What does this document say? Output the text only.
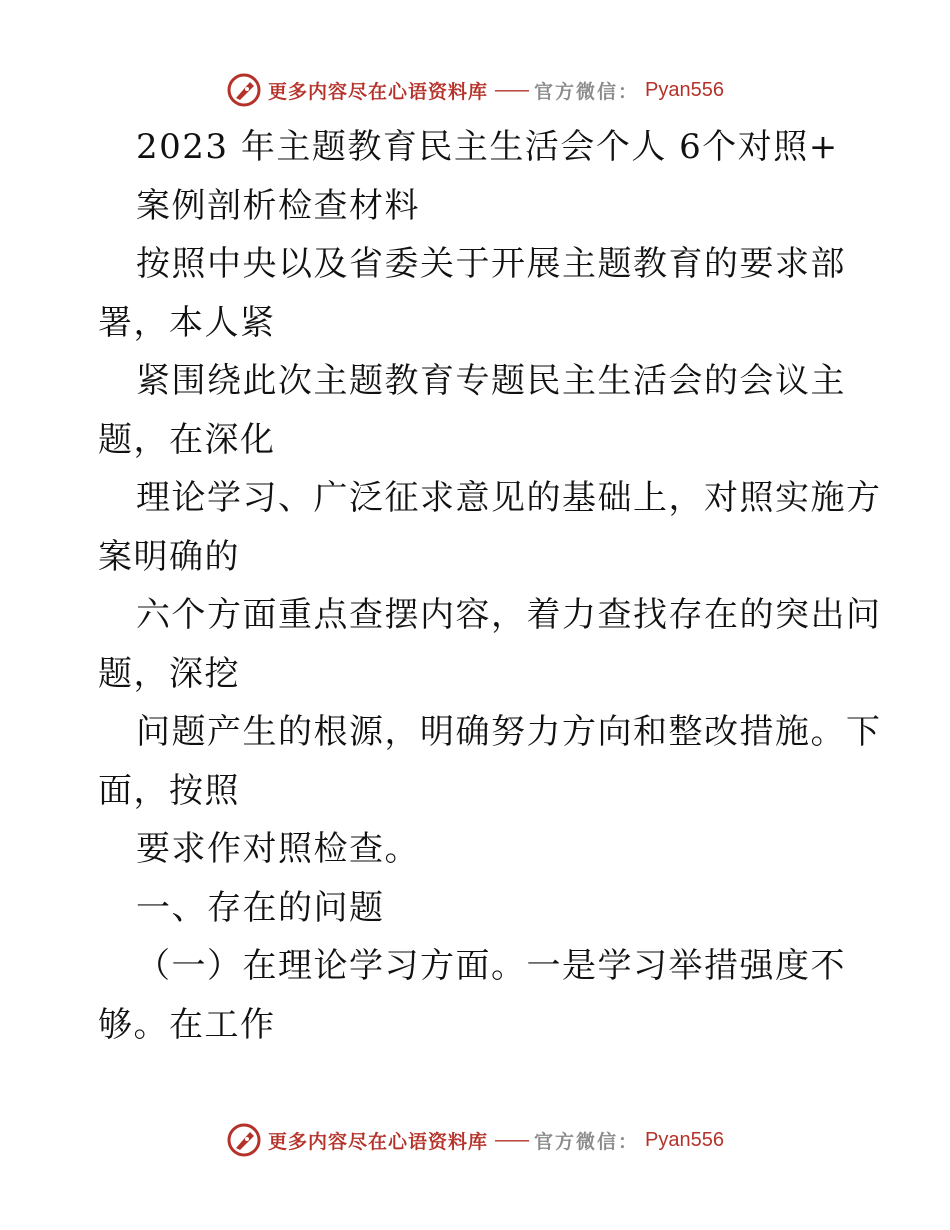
更多内容尽在心语资料库 —— 官方微信： Pyan556
2023 年主题教育民主生活会个人 6个对照+
案例剖析检查材料
按照中央以及省委关于开展主题教育的要求部
署，本人紧
紧围绕此次主题教育专题民主生活会的会议主
题，在深化
理论学习、广泛征求意见的基础上，对照实施方
案明确的
六个方面重点查摆内容，着力查找存在的突出问
题，深挖
问题产生的根源，明确努力方向和整改措施。下
面，按照
要求作对照检查。
一、存在的问题
（一）在理论学习方面。一是学习举措强度不
够。在工作
更多内容尽在心语资料库 —— 官方微信： Pyan556
